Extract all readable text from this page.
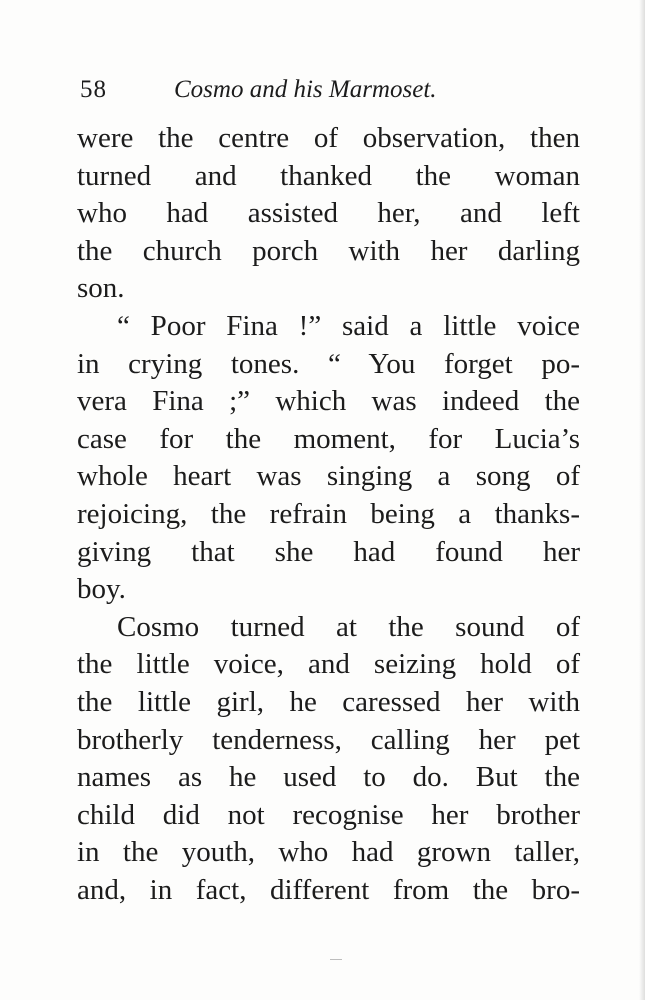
58	Cosmo and his Marmoset.
were the centre of observation, then
turned and thanked the woman
who had assisted her, and left
the church porch with her darling
son.
“ Poor Fina !” said a little voice
in crying tones. “ You forget po-
vera Fina ;” which was indeed the
case for the moment, for Lucia’s
whole heart was singing a song of
rejoicing, the refrain being a thanks-
giving that she had found her
boy.
Cosmo turned at the sound of
the little voice, and seizing hold of
the little girl, he caressed her with
brotherly tenderness, calling her pet
names as he used to do. But the
child did not recognise her brother
in the youth, who had grown taller,
and, in fact, different from the bro-
